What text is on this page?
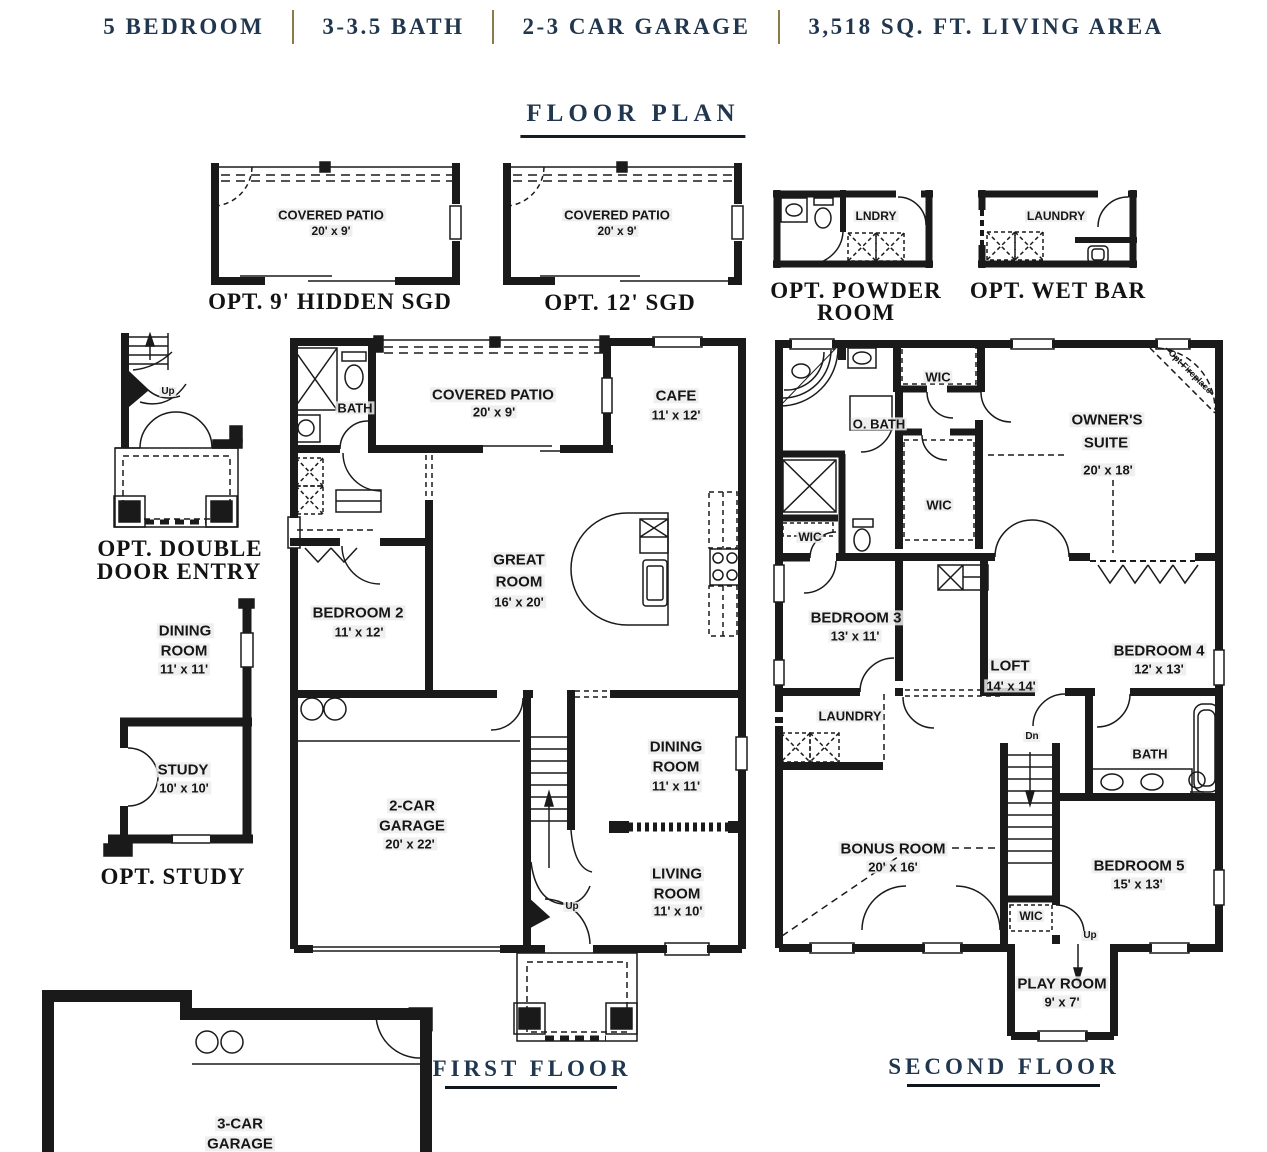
5 BEDROOM	3-3.5 BATH	2-3 CAR GARAGE	3,518 SQ. FT. LIVING AREA
FLOOR PLAN
COVERED PATIO
20' x 9'
OPT. 9' HIDDEN SGD
COVERED PATIO
20' x 9'
OPT. 12' SGD
LNDRY
OPT. POWDER
ROOM
LAUNDRY
OPT. WET BAR
Up
OPT. DOUBLE
DOOR ENTRY
DINING
ROOM
11' x 11'
STUDY
10' x 10'
OPT. STUDY
BATH
COVERED PATIO
20' x 9'
CAFE
11' x 12'
GREAT
ROOM
16' x 20'
BEDROOM 2
11' x 12'
2-CAR
GARAGE
20' x 22'
DINING
ROOM
11' x 11'
LIVING
ROOM
11' x 10'
Up
FIRST FLOOR
WIC
O. BATH
WIC
WIC
OWNER'S
SUITE
20' x 18'
Opt Fireplace
BEDROOM 3
13' x 11'
LOFT
14' x 14'
BEDROOM 4
12' x 13'
LAUNDRY
BATH
BONUS ROOM
20' x 16'	BEDROOM 5
15' x 13'
WIC
Dn
Up
PLAY ROOM
9' x 7'
SECOND FLOOR
3-CAR
GARAGE
